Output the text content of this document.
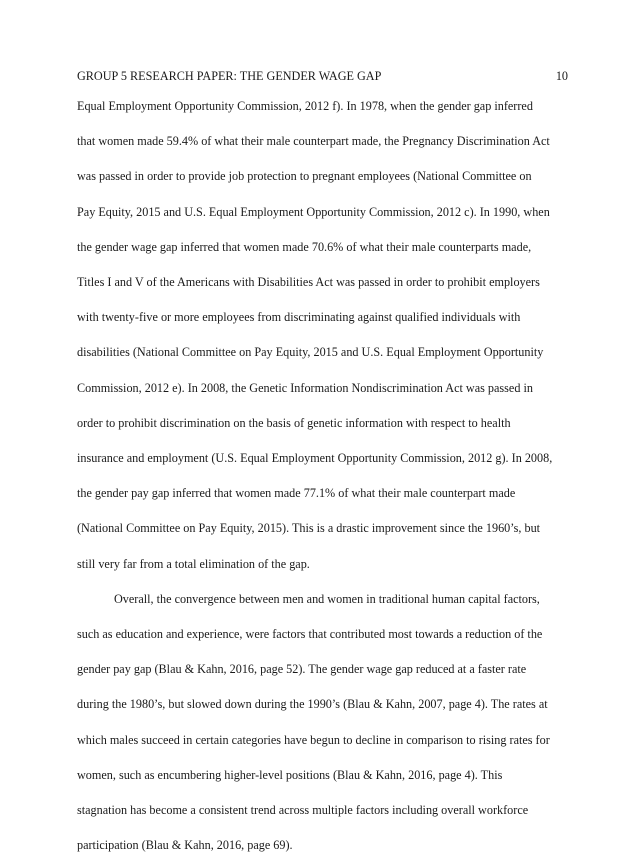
GROUP 5 RESEARCH PAPER: THE GENDER WAGE GAP	10
Equal Employment Opportunity Commission, 2012 f). In 1978, when the gender gap inferred
that women made 59.4% of what their male counterpart made, the Pregnancy Discrimination Act
was passed in order to provide job protection to pregnant employees (National Committee on
Pay Equity, 2015 and U.S. Equal Employment Opportunity Commission, 2012 c). In 1990, when
the gender wage gap inferred that women made 70.6% of what their male counterparts made,
Titles I and V of the Americans with Disabilities Act was passed in order to prohibit employers
with twenty-five or more employees from discriminating against qualified individuals with
disabilities (National Committee on Pay Equity, 2015 and U.S. Equal Employment Opportunity
Commission, 2012 e). In 2008, the Genetic Information Nondiscrimination Act was passed in
order to prohibit discrimination on the basis of genetic information with respect to health
insurance and employment (U.S. Equal Employment Opportunity Commission, 2012 g). In 2008,
the gender pay gap inferred that women made 77.1% of what their male counterpart made
(National Committee on Pay Equity, 2015). This is a drastic improvement since the 1960’s, but
still very far from a total elimination of the gap.
Overall, the convergence between men and women in traditional human capital factors,
such as education and experience, were factors that contributed most towards a reduction of the
gender pay gap (Blau & Kahn, 2016, page 52). The gender wage gap reduced at a faster rate
during the 1980’s, but slowed down during the 1990’s (Blau & Kahn, 2007, page 4). The rates at
which males succeed in certain categories have begun to decline in comparison to rising rates for
women, such as encumbering higher-level positions (Blau & Kahn, 2016, page 4). This
stagnation has become a consistent trend across multiple factors including overall workforce
participation (Blau & Kahn, 2016, page 69).
